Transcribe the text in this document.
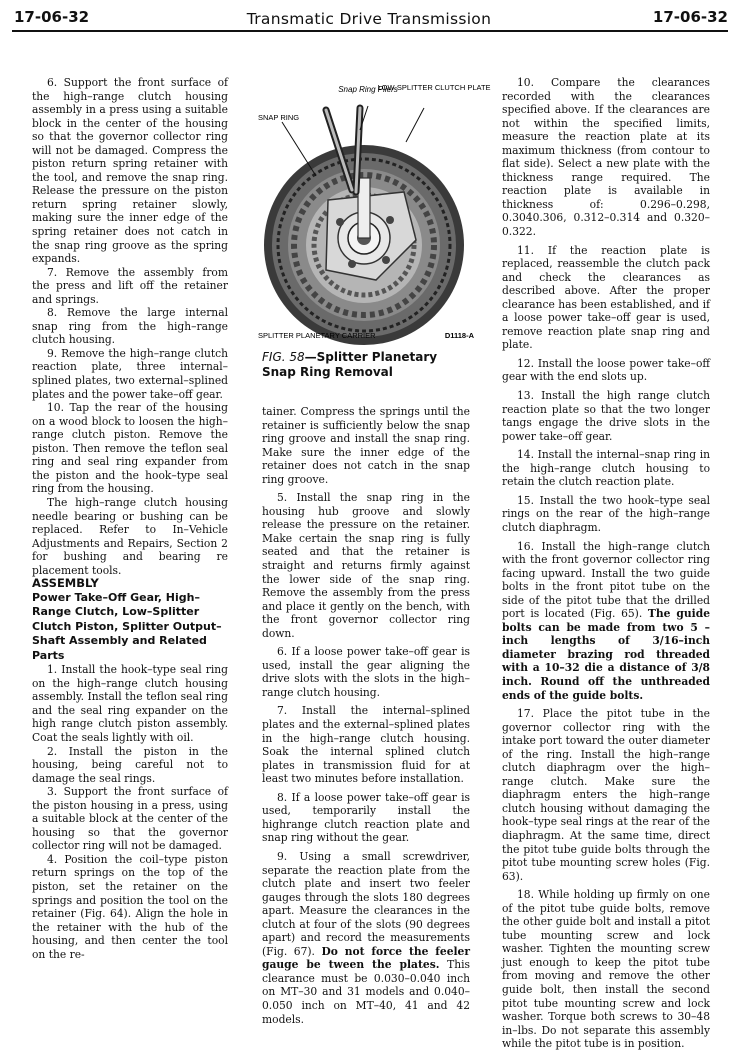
17-06-32	Transmatic Drive Transmission	17-06-32

6. Support the front surface of the high–range clutch housing assembly in a press using a suitable block in the center of the housing so that the governor collector ring will not be damaged. Compress the piston return spring retainer with the tool, and remove the snap ring. Release the pressure on the piston return spring retainer slowly, making sure the inner edge of the spring retainer does not catch in the snap ring groove as the spring expands.

7. Remove the assembly from the press and lift off the retainer and springs.

8. Remove the large internal snap ring from the high–range clutch housing.

9. Remove the high–range clutch reaction plate, three internal–splined plates, two external–splined plates and the power take–off gear.

10. Tap the rear of the housing on a wood block to loosen the high–range clutch piston. Remove the piston. Then remove the teflon seal ring and seal ring expander from the piston and the hook–type seal ring from the housing.

The high–range clutch housing needle bearing or bushing can be replaced. Refer to In–Vehicle Adjustments and Repairs, Section 2 for bushing and bearing re placement tools.

ASSEMBLY

Power Take–Off Gear, High–Range Clutch, Low–Splitter Clutch Piston, Splitter Output–Shaft Assembly and Related Parts

1. Install the hook–type seal ring on the high–range clutch housing assembly. Install the teflon seal ring and the seal ring expander on the high range clutch piston assembly. Coat the seals lightly with oil.

2. Install the piston in the housing, being careful not to damage the seal rings.

3. Support the front surface of the piston housing in a press, using a suitable block at the center of the housing so that the governor collector ring will not be damaged.

4. Position the coil–type piston return springs on the top of the piston, set the retainer on the springs and position the tool on the retainer (Fig. 64). Align the hole in the retainer with the hub of the housing, and then center the tool on the re-

Snap Ring Pliers
LOW-SPLITTER CLUTCH PLATE
SNAP RING
SPLITTER PLANETARY CARRIER	D1118-A
FIG. 58—Splitter Planetary Snap Ring Removal

tainer. Compress the springs until the retainer is sufficiently below the snap ring groove and install the snap ring. Make sure the inner edge of the retainer does not catch in the snap ring groove.

5. Install the snap ring in the housing hub groove and slowly release the pressure on the retainer. Make certain the snap ring is fully seated and that the retainer is straight and returns firmly against the lower side of the snap ring. Remove the assembly from the press and place it gently on the bench, with the front governor collector ring down.

6. If a loose power take–off gear is used, install the gear aligning the drive slots with the slots in the high–range clutch housing.

7. Install the internal–splined plates and the external–splined plates in the high–range clutch housing. Soak the internal splined clutch plates in transmission fluid for at least two minutes before installation.

8. If a loose power take–off gear is used, temporarily install the highrange clutch reaction plate and snap ring without the gear.

9. Using a small screwdriver, separate the reaction plate from the clutch plate and insert two feeler gauges through the slots 180 degrees apart. Measure the clearances in the clutch at four of the slots (90 degrees apart) and record the measurements (Fig. 67). Do not force the feeler gauge be tween the plates. This clearance must be 0.030–0.040 inch on MT–30 and 31 models and 0.040–0.050 inch on MT–40, 41 and 42 models.

10. Compare the clearances recorded with the clearances specified above. If the clearances are not within the specified limits, measure the reaction plate at its maximum thickness (from contour to flat side). Select a new plate with the thickness range required. The reaction plate is available in thickness of: 0.296–0.298, 0.3040.306, 0.312–0.314 and 0.320–0.322.

11. If the reaction plate is replaced, reassemble the clutch pack and check the clearances as described above. After the proper clearance has been established, and if a loose power take–off gear is used, remove reaction plate snap ring and plate.

12. Install the loose power take–off gear with the end slots up.

13. Install the high range clutch reaction plate so that the two longer tangs engage the drive slots in the power take–off gear.

14. Install the internal–snap ring in the high–range clutch housing to retain the clutch reaction plate.

15. Install the two hook–type seal rings on the rear of the high–range clutch diaphragm.

16. Install the high–range clutch with the front governor collector ring facing upward. Install the two guide bolts in the front pitot tube on the side of the pitot tube that the drilled port is located (Fig. 65). The guide bolts can be made from two 5 –inch lengths of 3/16–inch diameter brazing rod threaded with a 10–32 die a distance of 3/8 inch. Round off the unthreaded ends of the guide bolts.

17. Place the pitot tube in the governor collector ring with the intake port toward the outer diameter of the ring. Install the high–range clutch diaphragm over the high–range clutch. Make sure the diaphragm enters the high–range clutch housing without damaging the hook–type seal rings at the rear of the diaphragm. At the same time, direct the pitot tube guide bolts through the pitot tube mounting screw holes (Fig. 63).

18. While holding up firmly on one of the pitot tube guide bolts, remove the other guide bolt and install a pitot tube mounting screw and lock washer. Tighten the mounting screw just enough to keep the pitot tube from moving and remove the other guide bolt, then install the second pitot tube mounting screw and lock washer. Torque both screws to 30–48 in–lbs. Do not separate this assembly while the pitot tube is in position.
